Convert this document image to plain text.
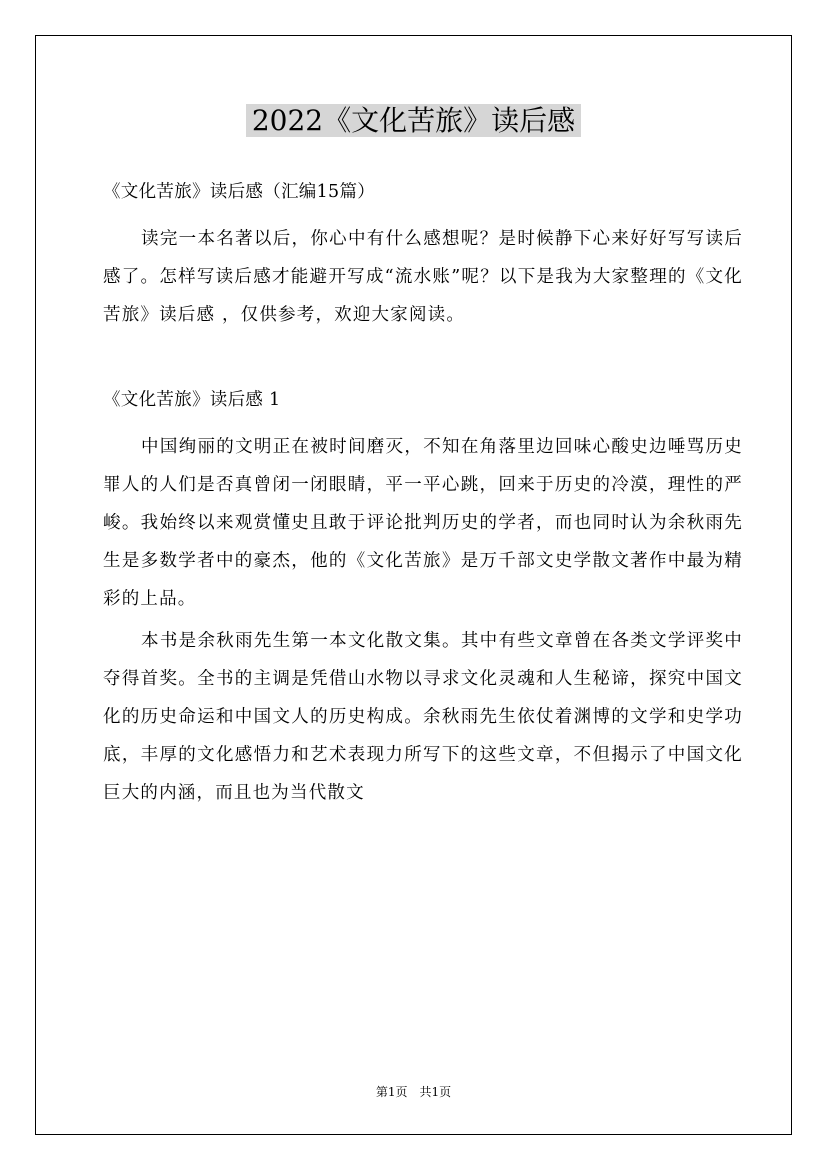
2022《文化苦旅》读后感

《文化苦旅》读后感（汇编15篇）

读完一本名著以后，你心中有什么感想呢？是时候静下心来好好写写读后感了。怎样写读后感才能避开写成“流水账”呢？以下是我为大家整理的《文化苦旅》读后感 ，仅供参考，欢迎大家阅读。

《文化苦旅》读后感 1

中国绚丽的文明正在被时间磨灭，不知在角落里边回味心酸史边唾骂历史罪人的人们是否真曾闭一闭眼睛，平一平心跳，回来于历史的冷漠，理性的严峻。我始终以来观赏懂史且敢于评论批判历史的学者，而也同时认为余秋雨先生是多数学者中的豪杰，他的《文化苦旅》是万千部文史学散文著作中最为精彩的上品。

本书是余秋雨先生第一本文化散文集。其中有些文章曾在各类文学评奖中夺得首奖。全书的主调是凭借山水物以寻求文化灵魂和人生秘谛，探究中国文化的历史命运和中国文人的历史构成。余秋雨先生依仗着渊博的文学和史学功底，丰厚的文化感悟力和艺术表现力所写下的这些文章，不但揭示了中国文化巨大的内涵，而且也为当代散文

第1页　共1页
